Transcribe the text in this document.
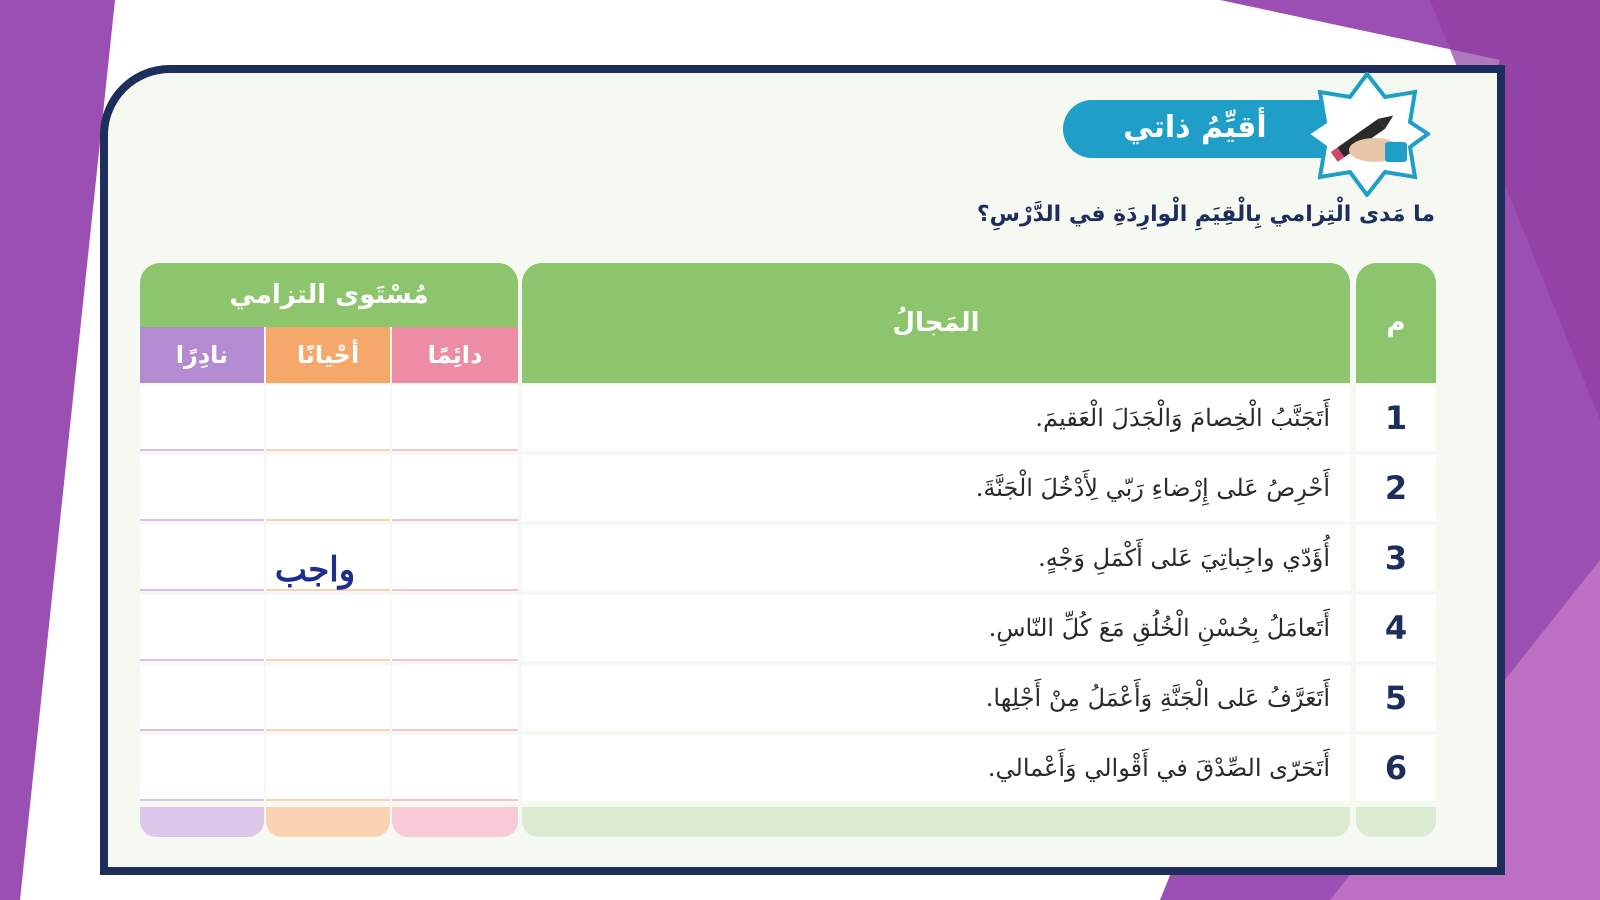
أقيِّمُ ذاتي
ما مَدى الْتِزامي بِالْقِيَمِ الْوارِدَةِ في الدَّرْسِ؟
م
المَجالُ
مُسْتَوى التزامي
دائِمًا
أحْيانًا
نادِرًا
1
أَتَجَنَّبُ الْخِصامَ وَالْجَدَلَ الْعَقيمَ.
2
أَحْرِصُ عَلى إِرْضاءِ رَبّي لِأَدْخُلَ الْجَنَّةَ.
3
أُؤَدّي واجِباتِيَ عَلى أَكْمَلِ وَجْهٍ.
4
أَتَعامَلُ بِحُسْنِ الْخُلُقِ مَعَ كُلِّ النّاسِ.
5
أَتَعَرَّفُ عَلى الْجَنَّةِ وَأَعْمَلُ مِنْ أَجْلِها.
6
أَتَحَرّى الصِّدْقَ في أَقْوالي وَأَعْمالي.
واجب
